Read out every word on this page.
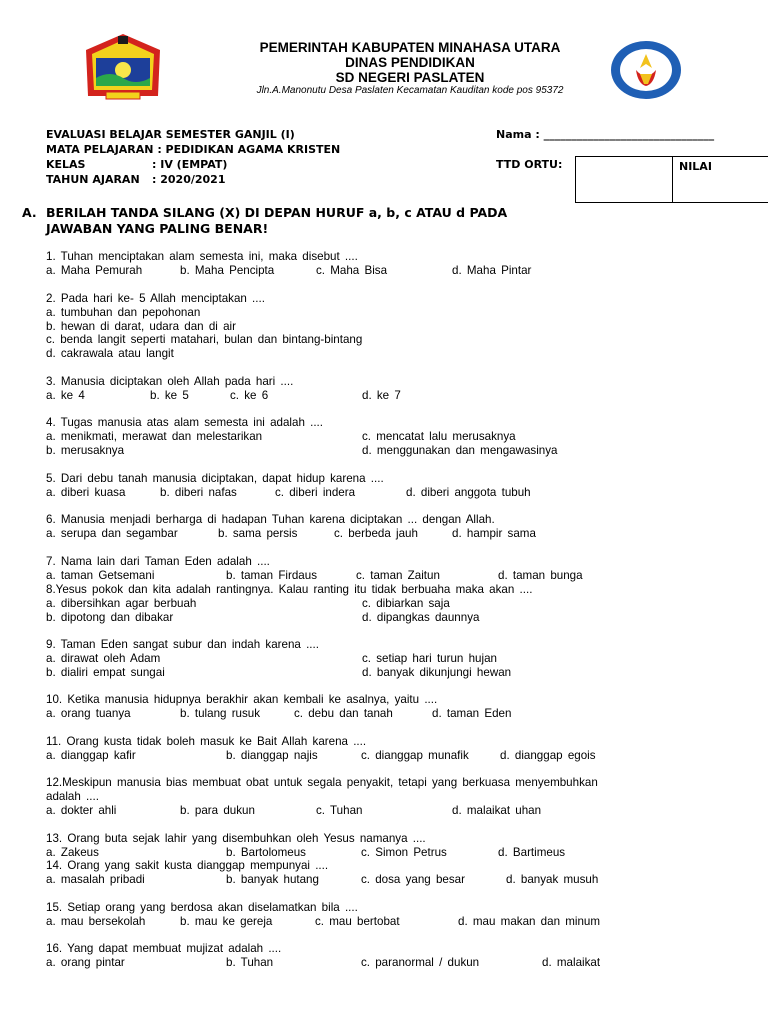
PEMERINTAH KABUPATEN MINAHASA UTARA
DINAS PENDIDIKAN
SD NEGERI PASLATEN
Jln.A.Manonutu Desa Paslaten Kecamatan Kauditan kode pos 95372
EVALUASI BELAJAR SEMESTER GANJIL (I)
MATA PELAJARAN : PEDIDIKAN AGAMA KRISTEN
KELAS	: IV (EMPAT)
TAHUN AJARAN : 2020/2021
Nama : _______________________________
TTD ORTU:	NILAI
A. BERILAH TANDA SILANG (X) DI DEPAN HURUF a, b, c ATAU d PADA
JAWABAN YANG PALING BENAR!
1. Tuhan menciptakan alam semesta ini, maka disebut ....
a. Maha Pemurah	b. Maha Pencipta	c. Maha Bisa	d. Maha Pintar
2. Pada hari ke- 5 Allah menciptakan ....
a. tumbuhan dan pepohonan
b. hewan di darat, udara dan di air
c. benda langit seperti matahari, bulan dan bintang-bintang
d. cakrawala atau langit
3. Manusia diciptakan oleh Allah pada hari ....
a. ke 4	b. ke 5	c. ke 6	d. ke 7
4. Tugas manusia atas alam semesta ini adalah ....
a. menikmati, merawat dan melestarikan	c. mencatat lalu merusaknya
b. merusaknya	d. menggunakan dan mengawasinya
5. Dari debu tanah manusia diciptakan, dapat hidup karena ....
a. diberi kuasa	b. diberi nafas	c. diberi indera	d. diberi anggota tubuh
6. Manusia menjadi berharga di hadapan Tuhan karena diciptakan ... dengan Allah.
a. serupa dan segambar	b. sama persis	c. berbeda jauh	d. hampir sama
7. Nama lain dari Taman Eden adalah ....
a. taman Getsemani	b. taman Firdaus	c. taman Zaitun	d. taman bunga
8.Yesus pokok dan kita adalah rantingnya. Kalau ranting itu tidak berbuaha maka akan ....
a. dibersihkan agar berbuah	c. dibiarkan saja
b. dipotong dan dibakar	d. dipangkas daunnya
9. Taman Eden sangat subur dan indah karena ....
a. dirawat oleh Adam	c. setiap hari turun hujan
b. dialiri empat sungai	d. banyak dikunjungi hewan
10. Ketika manusia hidupnya berakhir akan kembali ke asalnya, yaitu ....
a. orang tuanya	b. tulang rusuk	c. debu dan tanah	d. taman Eden
11. Orang kusta tidak boleh masuk ke Bait Allah karena ....
a. dianggap kafir	b. dianggap najis	c. dianggap munafik	d. dianggap egois
12.Meskipun manusia bias membuat obat untuk segala penyakit, tetapi yang berkuasa menyembuhkan
adalah ....
a. dokter ahli	b. para dukun	c. Tuhan	d. malaikat uhan
13. Orang buta sejak lahir yang disembuhkan oleh Yesus namanya ....
a. Zakeus	b. Bartolomeus	c. Simon Petrus	d. Bartimeus
14. Orang yang sakit kusta dianggap mempunyai ....
a. masalah pribadi	b. banyak hutang	c. dosa yang besar	d. banyak musuh
15. Setiap orang yang berdosa akan diselamatkan bila ....
a. mau bersekolah	b. mau ke gereja	c. mau bertobat	d. mau makan dan minum
16. Yang dapat membuat mujizat adalah ....
a. orang pintar	b. Tuhan	c. paranormal / dukun	d. malaikat
